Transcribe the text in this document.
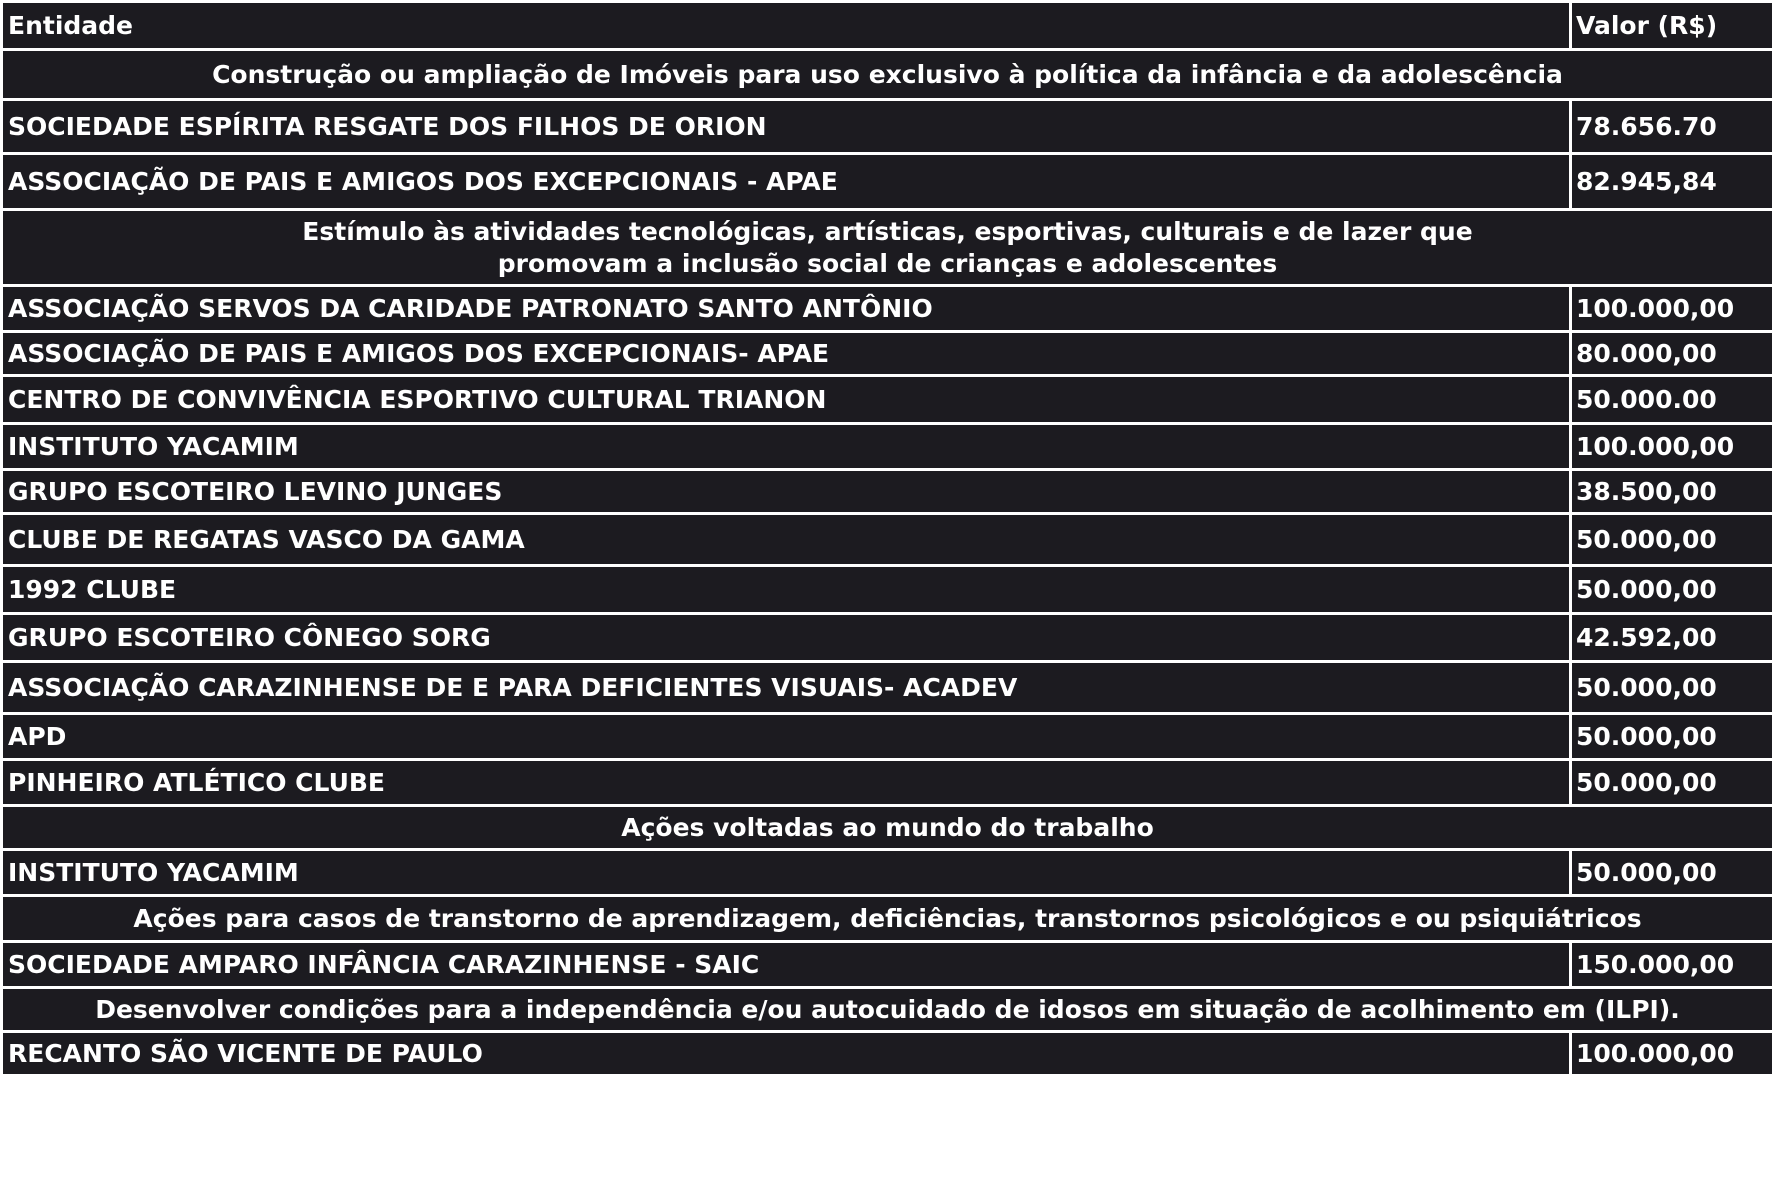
Entidade	Valor (R$)

Construção ou ampliação de Imóveis para uso exclusivo à política da infância e da adolescência	

SOCIEDADE ESPÍRITA RESGATE DOS FILHOS DE ORION	78.656.70
ASSOCIAÇÃO DE PAIS E AMIGOS DOS EXCEPCIONAIS - APAE	82.945,84

Estímulo às atividades tecnológicas, artísticas, esportivas, culturais e de lazer que
promovam a inclusão social de crianças e adolescentes	

ASSOCIAÇÃO SERVOS DA CARIDADE PATRONATO SANTO ANTÔNIO	100.000,00
ASSOCIAÇÃO DE PAIS E AMIGOS DOS EXCEPCIONAIS- APAE	80.000,00
CENTRO DE CONVIVÊNCIA ESPORTIVO CULTURAL TRIANON	50.000.00
INSTITUTO YACAMIM	100.000,00
GRUPO ESCOTEIRO LEVINO JUNGES	38.500,00
CLUBE DE REGATAS VASCO DA GAMA	50.000,00
1992 CLUBE	50.000,00
GRUPO ESCOTEIRO CÔNEGO SORG	42.592,00
ASSOCIAÇÃO CARAZINHENSE DE E PARA DEFICIENTES VISUAIS- ACADEV	50.000,00
APD	50.000,00
PINHEIRO ATLÉTICO CLUBE	50.000,00

Ações voltadas ao mundo do trabalho	

INSTITUTO YACAMIM	50.000,00

Ações para casos de transtorno de aprendizagem, deficiências, transtornos psicológicos e ou psiquiátricos	

SOCIEDADE AMPARO INFÂNCIA CARAZINHENSE - SAIC	150.000,00

Desenvolver condições para a independência e/ou autocuidado de idosos em situação de acolhimento em (ILPI).	

RECANTO SÃO VICENTE DE PAULO	100.000,00
